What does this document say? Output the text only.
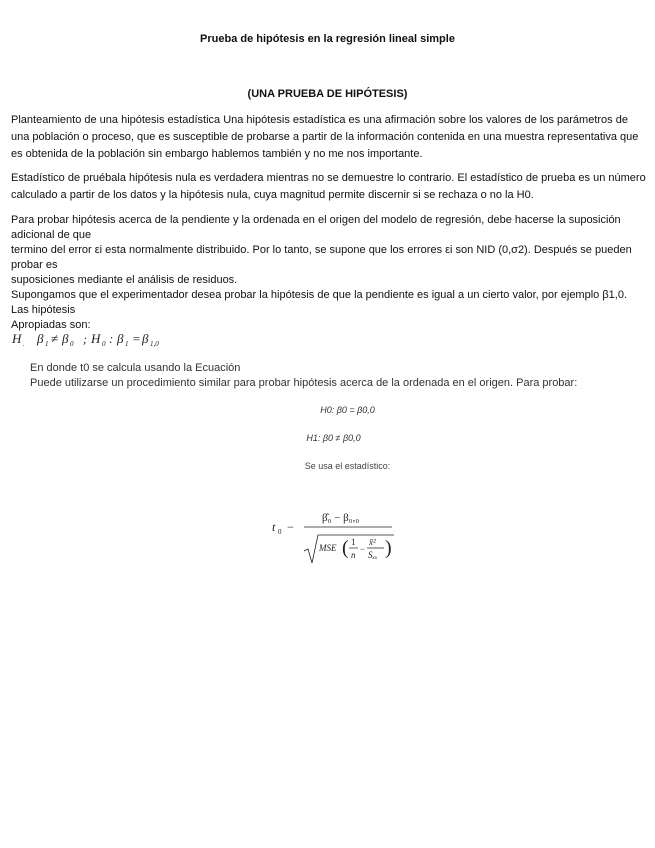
Prueba de hipótesis en la regresión lineal simple
(UNA PRUEBA DE HIPÓTESIS)

Planteamiento de una hipótesis estadística Una hipótesis estadística es una afirmación sobre los valores de los parámetros de una población o proceso, que es susceptible de probarse a partir de la información contenida en una muestra representativa que es obtenida de la población sin embargo hablemos también y no me nos importante.

Estadístico de pruébala hipótesis nula es verdadera mientras no se demuestre lo contrario. El estadístico de prueba es un número calculado a partir de los datos y la hipótesis nula, cuya magnitud permite discernir si se rechaza o no la H0.

Para probar hipótesis acerca de la pendiente y la ordenada en el origen del modelo de regresión, debe hacerse la suposición adicional de que
termino del error εi esta normalmente distribuido. Por lo tanto, se supone que los errores εi son NID (0,σ2). Después se pueden probar es
suposiciones mediante el análisis de residuos.
Supongamos que el experimentador desea probar la hipótesis de que la pendiente es igual a un cierto valor, por ejemplo β1,0. Las hipótesis
Apropiadas son:
H . β 1 ≠ β 0 ; H 0 : β 1 = β 1,0

En donde t0 se calcula usando la Ecuación

Puede utilizarse un procedimiento similar para probar hipótesis acerca de la ordenada en el origen. Para probar:

H0: β0 = β0,0

H1: β0 ≠ β0,0

Se usa el estadístico:

t 0 −
β̂₀ − β₀,₀
MSE ( 1
n
−
x̄²
Sₓₓ )
